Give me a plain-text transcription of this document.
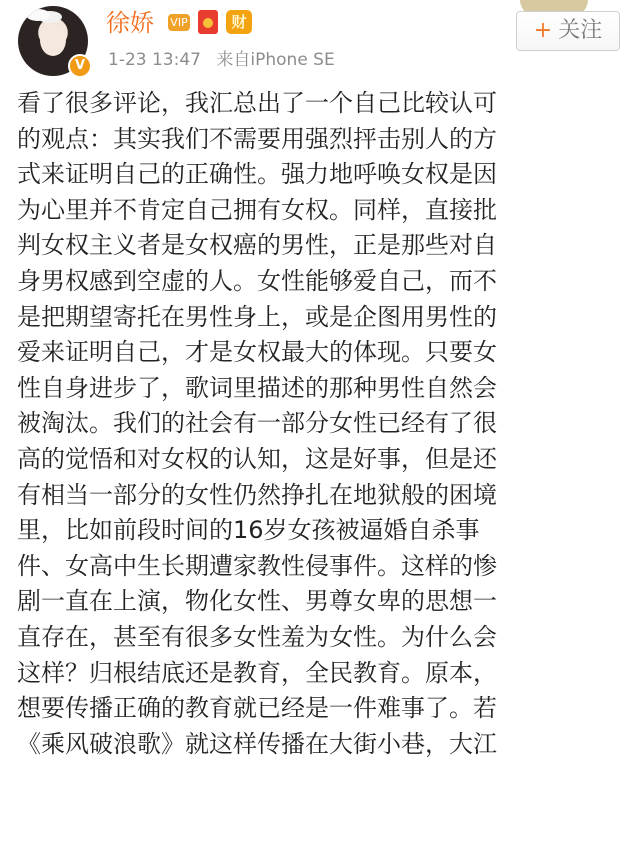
V
徐娇 VIP	财
1-23 13:47 来自iPhone SE
+ 关注
看了很多评论，我汇总出了一个自己比较认可
的观点：其实我们不需要用强烈抨击别人的方
式来证明自己的正确性。强力地呼唤女权是因
为心里并不肯定自己拥有女权。同样，直接批
判女权主义者是女权癌的男性，正是那些对自
身男权感到空虚的人。女性能够爱自己，而不
是把期望寄托在男性身上，或是企图用男性的
爱来证明自己，才是女权最大的体现。只要女
性自身进步了，歌词里描述的那种男性自然会
被淘汰。我们的社会有一部分女性已经有了很
高的觉悟和对女权的认知，这是好事，但是还
有相当一部分的女性仍然挣扎在地狱般的困境
里，比如前段时间的16岁女孩被逼婚自杀事
件、女高中生长期遭家教性侵事件。这样的惨
剧一直在上演，物化女性、男尊女卑的思想一
直存在，甚至有很多女性羞为女性。为什么会
这样？归根结底还是教育，全民教育。原本，
想要传播正确的教育就已经是一件难事了。若
《乘风破浪歌》就这样传播在大街小巷，大江
